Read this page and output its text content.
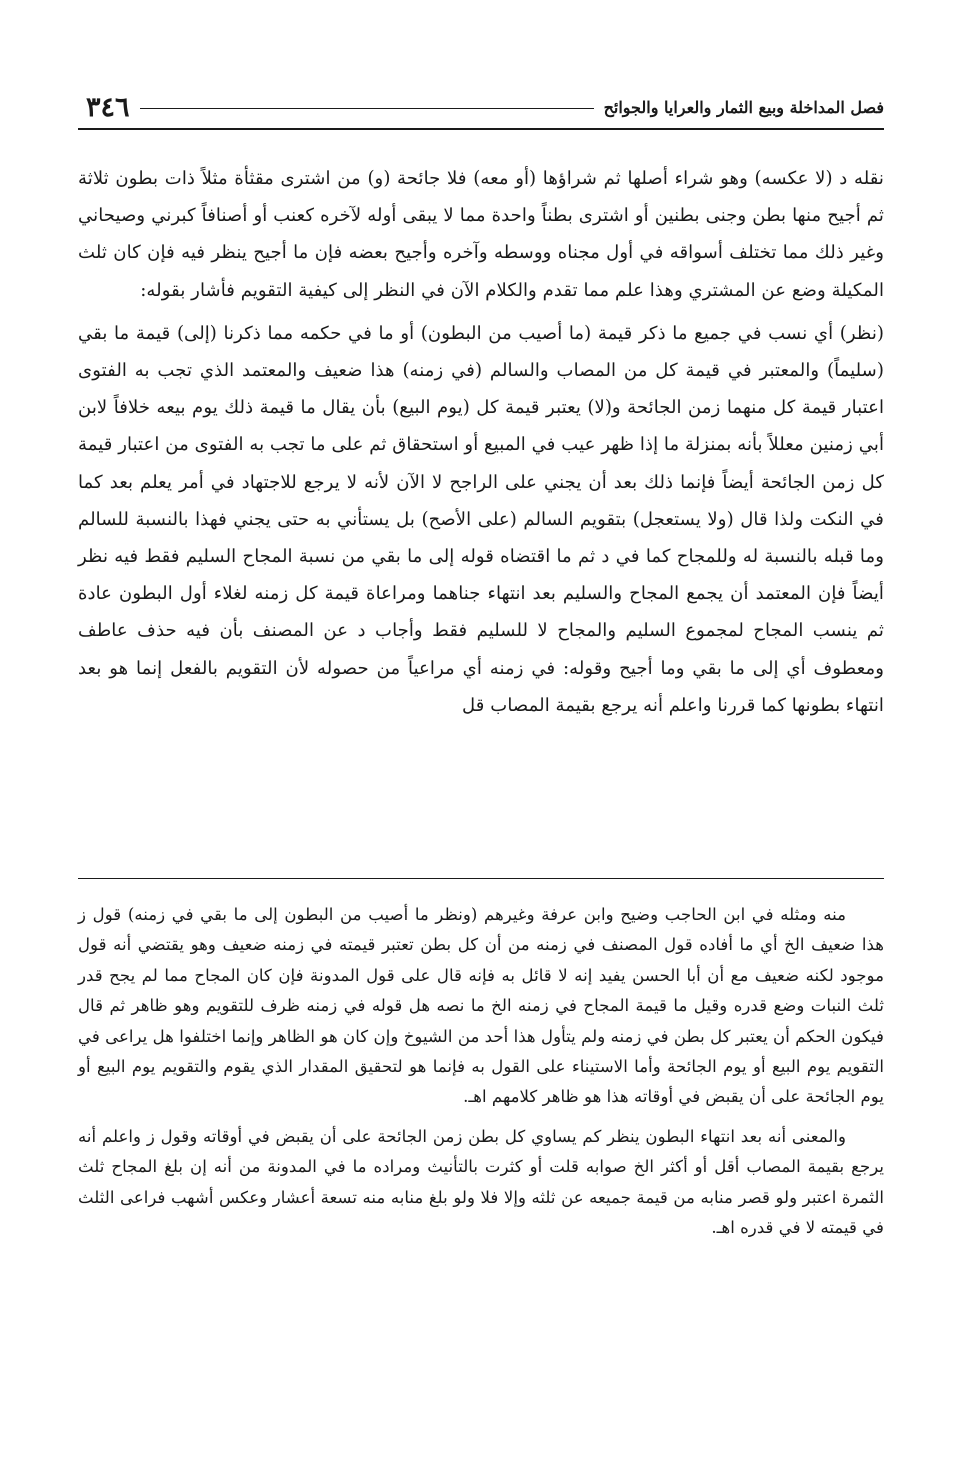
فصل المداخلة وبيع الثمار والعرايا والجوائح
٣٤٦

نقله د (لا عكسه) وهو شراء أصلها ثم شراؤها (أو معه) فلا جائحة (و) من اشترى مقثأة مثلاً ذات بطون ثلاثة ثم أجيح منها بطن وجنى بطنين أو اشترى بطناً واحدة مما لا يبقى أوله لآخره كعنب أو أصنافاً كبرني وصيحاني وغير ذلك مما تختلف أسواقه في أول مجناه ووسطه وآخره وأجيح بعضه فإن ما أجيح ينظر فيه فإن كان ثلث المكيلة وضع عن المشتري وهذا علم مما تقدم والكلام الآن في النظر إلى كيفية التقويم فأشار بقوله:

(نظر) أي نسب في جميع ما ذكر قيمة (ما أصيب من البطون) أو ما في حكمه مما ذكرنا (إلى) قيمة ما بقي (سليماً) والمعتبر في قيمة كل من المصاب والسالم (في زمنه) هذا ضعيف والمعتمد الذي تجب به الفتوى اعتبار قيمة كل منهما زمن الجائحة و(لا) يعتبر قيمة كل (يوم البيع) بأن يقال ما قيمة ذلك يوم بيعه خلافاً لابن أبي زمنين معللاً بأنه بمنزلة ما إذا ظهر عيب في المبيع أو استحقاق ثم على ما تجب به الفتوى من اعتبار قيمة كل زمن الجائحة أيضاً فإنما ذلك بعد أن يجني على الراجح لا الآن لأنه لا يرجع للاجتهاد في أمر يعلم بعد كما في النكت ولذا قال (ولا يستعجل) بتقويم السالم (على الأصح) بل يستأني به حتى يجني فهذا بالنسبة للسالم وما قبله بالنسبة له وللمجاح كما في د ثم ما اقتضاه قوله إلى ما بقي من نسبة المجاح السليم فقط فيه نظر أيضاً فإن المعتمد أن يجمع المجاح والسليم بعد انتهاء جناهما ومراعاة قيمة كل زمنه لغلاء أول البطون عادة ثم ينسب المجاح لمجموع السليم والمجاح لا للسليم فقط وأجاب د عن المصنف بأن فيه حذف عاطف ومعطوف أي إلى ما بقي وما أجيح وقوله: في زمنه أي مراعياً من حصوله لأن التقويم بالفعل إنما هو بعد انتهاء بطونها كما قررنا واعلم أنه يرجع بقيمة المصاب قل

منه ومثله في ابن الحاجب وضيح وابن عرفة وغيرهم (ونظر ما أصيب من البطون إلى ما بقي في زمنه) قول ز هذا ضعيف الخ أي ما أفاده قول المصنف في زمنه من أن كل بطن تعتبر قيمته في زمنه ضعيف وهو يقتضي أنه قول موجود لكنه ضعيف مع أن أبا الحسن يفيد إنه لا قائل به فإنه قال على قول المدونة فإن كان المجاح مما لم يجح قدر ثلث النبات وضع قدره وقيل ما قيمة المجاح في زمنه الخ ما نصه هل قوله في زمنه ظرف للتقويم وهو ظاهر ثم قال فيكون الحكم أن يعتبر كل بطن في زمنه ولم يتأول هذا أحد من الشيوخ وإن كان هو الظاهر وإنما اختلفوا هل يراعى في التقويم يوم البيع أو يوم الجائحة وأما الاستيناء على القول به فإنما هو لتحقيق المقدار الذي يقوم والتقويم يوم البيع أو يوم الجائحة على أن يقبض في أوقاته هذا هو ظاهر كلامهم اهـ.

والمعنى أنه بعد انتهاء البطون ينظر كم يساوي كل بطن زمن الجائحة على أن يقبض في أوقاته وقول ز واعلم أنه يرجع بقيمة المصاب أقل أو أكثر الخ صوابه قلت أو كثرت بالتأنيث ومراده ما في المدونة من أنه إن بلغ المجاح ثلث الثمرة اعتبر ولو قصر منابه من قيمة جميعه عن ثلثه وإلا فلا ولو بلغ منابه منه تسعة أعشار وعكس أشهب فراعى الثلث في قيمته لا في قدره اهـ.
